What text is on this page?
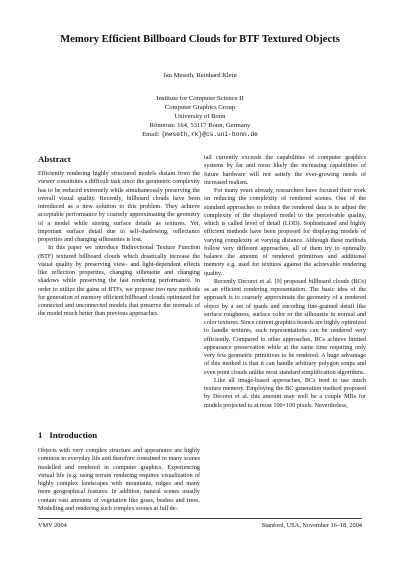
Memory Efficient Billboard Clouds for BTF Textured Objects
Jan Meseth, Reinhard Klein
Institute for Computer Science II
Computer Graphics Group
University of Bonn
Römerstr. 164, 53117 Bonn, Germany
Email: {meseth,rk}@cs.uni-bonn.de
Abstract

Efficiently rendering highly structured models distant from the viewer constitutes a difficult task since the geometric complexity has to be reduced extremely while simultaneously preserving the overall visual quality. Recently, billboard clouds have been introduced as a new solution to this problem. They achieve acceptable performance by coarsely approximating the geometry of a model while storing surface details as textures. Yet, important surface detail due to self-shadowing, reflectance properties and changing silhouettes is lost.

In this paper we introduce Bidirectional Texture Function (BTF) textured billboard clouds which drastically increase the visual quality by preserving view- and light-dependent effects like reflection properties, changing silhouette and changing shadows while preserving the fast rendering performance. In order to utilize the gains of BTFs, we propose two new methods for generation of memory efficient billboard clouds optimized for connected and unconnected models that preserve the normals of the model much better than previous approaches.

1 Introduction

Objects with very complex structure and appearance are highly common in everyday life and therefore contained in many scenes modelled and rendered in computer graphics. Experiencing virtual life (e.g. using terrain rendering requires visualization of highly complex landscapes with mountains, ridges and many more geographical features. In addition, natural scenes usually contain vast amounts of vegetation like grass, bushes and trees. Modelling and rendering such complex scenes at full de-

tail currently exceeds the capabilities of computer graphics systems by far and most likely the increasing capabilities of future hardware will not satisfy the ever-growing needs of increased realism.

For many years already, researchers have focused their work on reducing the complexity of rendered scenes. One of the standard approaches to reduce the rendered data is to adjust the complexity of the displayed model to the perceivable quality, which is called level of detail (LOD). Sophisticated and highly efficient methods have been proposed for displaying models of varying complexity at varying distance. Although these methods follow very different approaches, all of them try to optimally balance the amount of rendered primitives and additional memory e.g. used for textures against the achievable rendering quality.

Recently Décoret et al. [9] proposed billboard clouds (BCs) as an efficient rendering representation. The basic idea of the approach is to coarsely approximate the geometry of a rendered object by a set of quads and encoding fine-grained detail like surface roughness, surface color or the silhouette in normal and color textures. Since current graphics boards are highly optimized to handle textures, such representations can be rendered very efficiently. Compared to other approaches, BCs achieve limited appearance preservation while at the same time requiring only very few geometric primitives to be rendered. A huge advantage of this method is that it can handle arbitrary polygon soups and even point clouds unlike most standard simplification algorithms.

Like all image-based approaches, BCs tend to use much texture memory. Employing the BC generation method proposed by Décoret et al. this amount may well be a couple MBs for models projected to at most 100×100 pixels. Nevertheless,

VMV 2004	Stanford, USA, November 16–18, 2004
